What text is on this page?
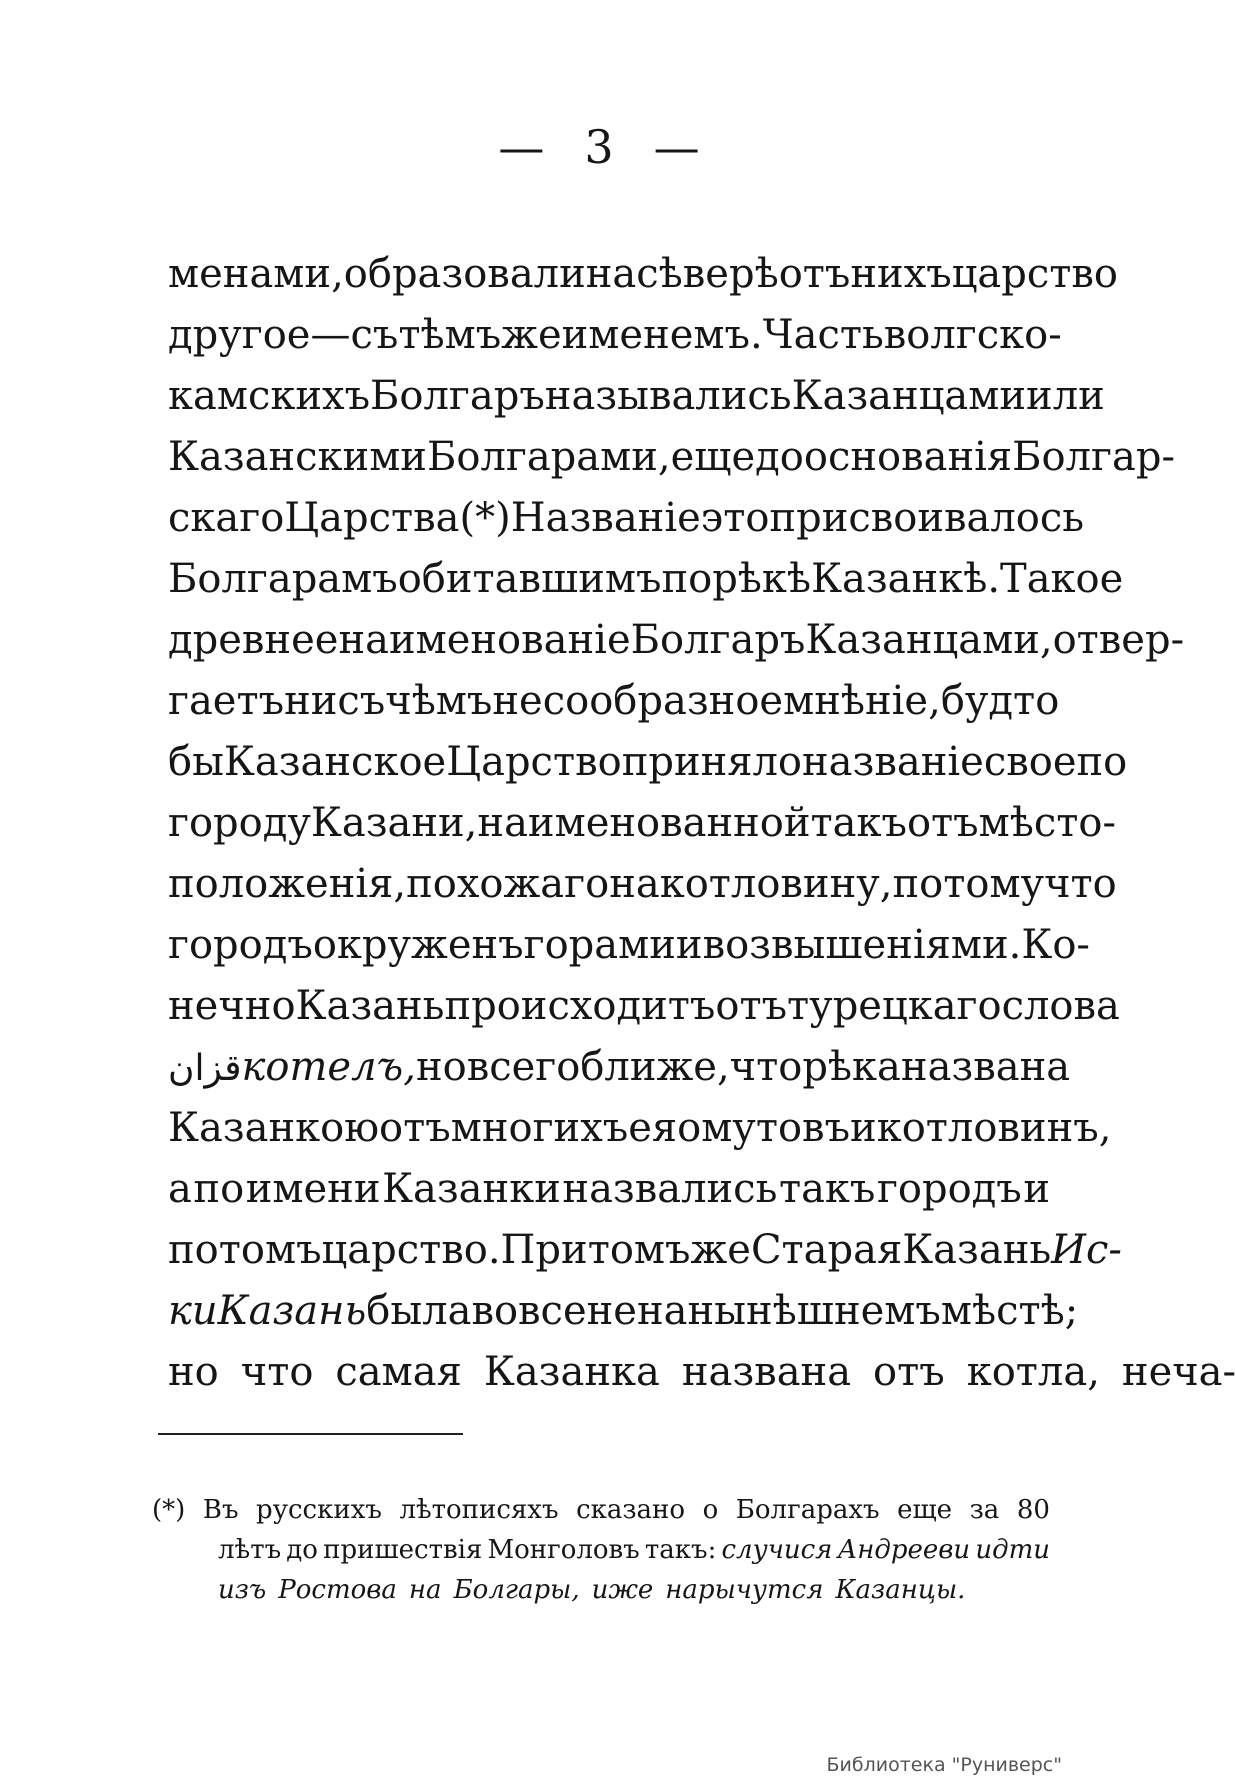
— 3 —
менами, образовали на сѣверѣ отъ нихъ царство
другое—съ тѣмъ же именемъ. Часть волгско-
камскихъ Болгаръ назывались Казанцами или
Казанскими Болгарами, еще до основанія Болгар-
скаго Царства (*) Названіе это присвоивалось
Болгарамъ обитавшимъ по рѣкѣ Казанкѣ. Такое
древнее наименованіе Болгаръ Казанцами, отвер-
гаетъ ни съ чѣмъ не сообразное мнѣніе, будто
бы Казанское Царство приняло названіе свое по
городу Казани, наименованной такъ отъ мѣсто-
положенія, похожаго на котловину, потому что
городъ окруженъ горами и возвышеніями. Ко-
нечно Казань происходитъ отъ турецкаго слова
قزان котелъ, но всего ближе, что рѣка названа
Казанкою отъ многихъ ея омутовъ и котловинъ,
а по имени Казанки назвались такъ городъ и
потомъ царство. Притомъ же Старая Казань Ис-
ки Казань была вовсе не нанынѣшнемъ мѣстѣ;
но что самая Казанка названа отъ котла, неча-
(*) Въ русскихъ лѣтописяхъ сказано о Болгарахъ еще за 80
лѣтъ до пришествія Монголовъ такъ: случися Андрееви идти
изъ Ростова на Болгары, иже нарычутся Казанцы.
Библиотека "Руниверс"
